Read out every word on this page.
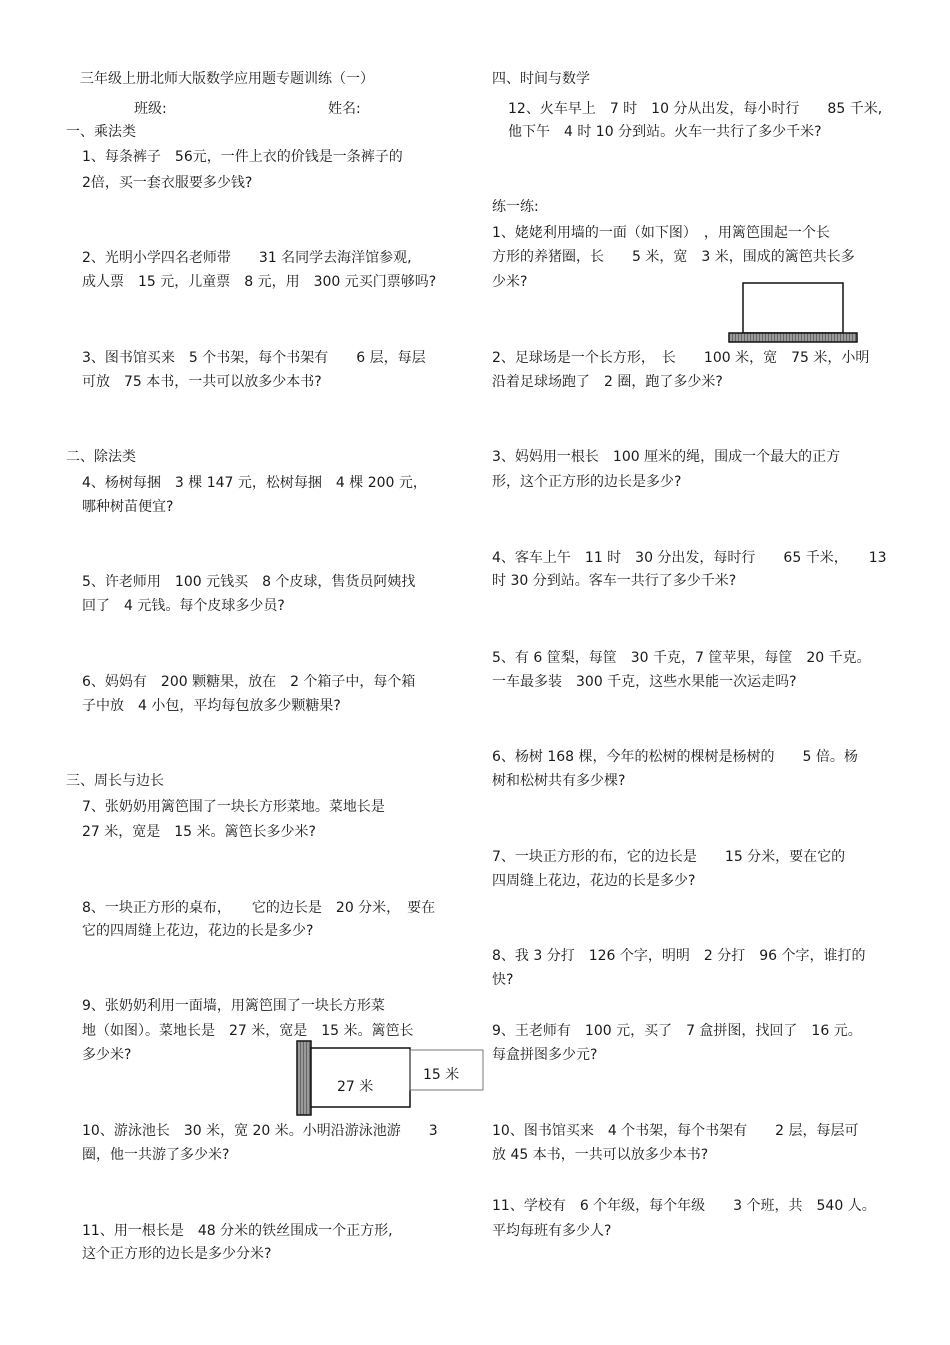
三年级上册北师大版数学应用题专题训练（一）
班级:	姓名:
一、乘法类
1、每条裤子　56元，一件上衣的价钱是一条裤子的
2倍，买一套衣服要多少钱?
2、光明小学四名老师带　　31 名同学去海洋馆参观,
成人票　15 元，儿童票　8 元，用　300 元买门票够吗?
3、图书馆买来　5 个书架，每个书架有　　6 层，每层
可放　75 本书，一共可以放多少本书?
二、除法类
4、杨树每捆　3 棵 147 元，松树每捆　4 棵 200 元，
哪种树苗便宜?
5、许老师用　100 元钱买　8 个皮球，售货员阿姨找
回了　4 元钱。每个皮球多少员?
6、妈妈有　200 颗糖果，放在　2 个箱子中，每个箱
子中放　4 小包，平均每包放多少颗糖果?
三、周长与边长
7、张奶奶用篱笆围了一块长方形菜地。菜地长是
27 米，宽是　15 米。篱笆长多少米?
8、一块正方形的桌布，　　它的边长是　20 分米，　要在
它的四周缝上花边，花边的长是多少?
9、张奶奶利用一面墙，用篱笆围了一块长方形菜
地（如图）。菜地长是　27 米，宽是　15 米。篱笆长
多少米?
27 米
15 米
10、游泳池长　30 米，宽 20 米。小明沿游泳池游　　3
圈，他一共游了多少米?
11、用一根长是　48 分米的铁丝围成一个正方形,
这个正方形的边长是多少分米?
四、时间与数学
12、火车早上　7 时　10 分从出发，每小时行　　85 千米,
他下午　4 时 10 分到站。火车一共行了多少千米?
练一练:
1、姥姥利用墙的一面（如下图）　，用篱笆围起一个长
方形的养猪圈，长　　5 米，宽　3 米，围成的篱笆共长多
少米?
2、足球场是一个长方形，　长　　100 米，宽　75 米，小明
沿着足球场跑了　2 圈，跑了多少米?
3、妈妈用一根长　100 厘米的绳，围成一个最大的正方
形，这个正方形的边长是多少?
4、客车上午　11 时　30 分出发，每时行　　65 千米，　　13
时 30 分到站。客车一共行了多少千米?
5、有 6 筐梨，每筐　30 千克，7 筐苹果，每筐　20 千克。
一车最多装　300 千克，这些水果能一次运走吗?
6、杨树 168 棵，今年的松树的棵树是杨树的　　5 倍。杨
树和松树共有多少棵?
7、一块正方形的布，它的边长是　　15 分米，要在它的
四周缝上花边，花边的长是多少?
8、我 3 分打　126 个字，明明　2 分打　96 个字，谁打的
快?
9、王老师有　100 元，买了　7 盒拼图，找回了　16 元。
每盒拼图多少元?
10、图书馆买来　4 个书架，每个书架有　　2 层，每层可
放 45 本书，一共可以放多少本书?
11、学校有　6 个年级，每个年级　　3 个班，共　540 人。
平均每班有多少人?
